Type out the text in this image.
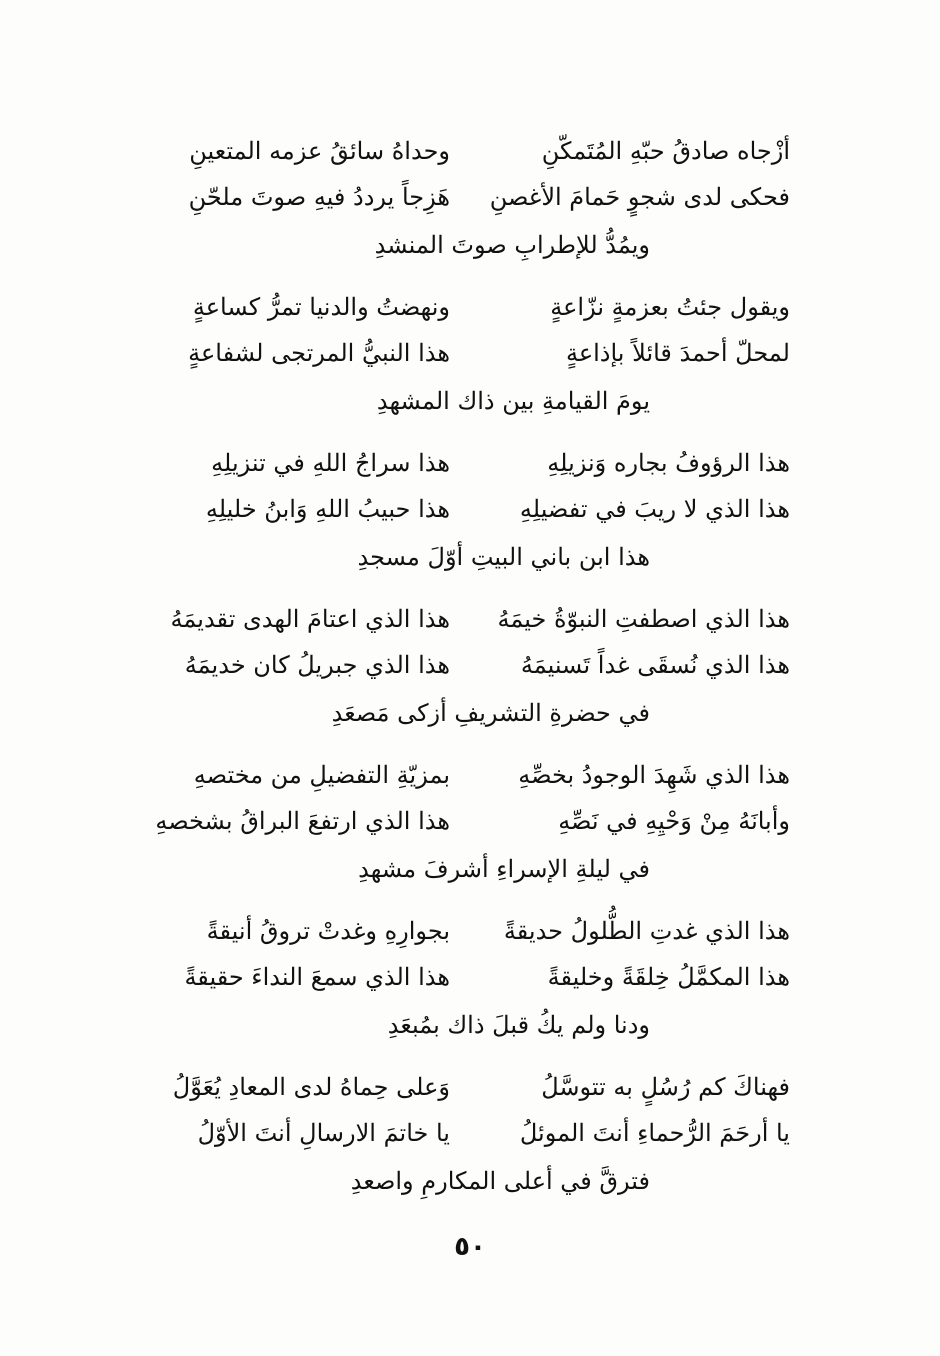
أزْجاه صادقُ حبّهِ المُتَمكّنِوحداهُ سائقُ عزمه المتعينِ
فحكى لدى شجوٍ حَمامَ الأغصنِهَزِجاً يرددُ فيهِ صوتَ ملحّنِ
ويمُدُّ للإطرابِ صوتَ المنشدِ
ويقول جئتُ بعزمةٍ نزّاعةٍونهضتُ والدنيا تمرُّ كساعةٍ
لمحلّ أحمدَ قائلاً بإذاعةٍهذا النبيُّ المرتجى لشفاعةٍ
يومَ القيامةِ بين ذاك المشهدِ
هذا الرؤوفُ بجاره وَنزيلِهِهذا سراجُ اللهِ في تنزيلِهِ
هذا الذي لا ريبَ في تفضيلِهِهذا حبيبُ اللهِ وَابنُ خليلِهِ
هذا ابن باني البيتِ أوّلَ مسجدِ
هذا الذي اصطفتِ النبوّةُ خيمَهُهذا الذي اعتامَ الهدى تقديمَهُ
هذا الذي نُسقَى غداً تَسنيمَهُهذا الذي جبريلُ كان خديمَهُ
في حضرةِ التشريفِ أزكى مَصعَدِ
هذا الذي شَهِدَ الوجودُ بخصِّهِبمزيّةِ التفضيلِ من مختصهِ
وأبانَهُ مِنْ وَحْيِهِ في نَصِّهِهذا الذي ارتفعَ البراقُ بشخصهِ
في ليلةِ الإسراءِ أشرفَ مشهدِ
هذا الذي غدتِ الطُّلولُ حديقةًبجوارِهِ وغدتْ تروقُ أنيقةً
هذا المكمَّلُ خِلقَةً وخليقةًهذا الذي سمعَ النداءَ حقيقةً
ودنا ولم يكُ قبلَ ذاك بمُبعَدِ
فهناكَ كم رُسُلٍ به تتوسَّلُوَعلى حِماهُ لدى المعادِ يُعَوَّلُ
يا أرحَمَ الرُّحماءِ أنتَ الموئلُيا خاتمَ الارسالِ أنتَ الأوّلُ
فترقَّ في أعلى المكارمِ واصعدِ
٥٠
